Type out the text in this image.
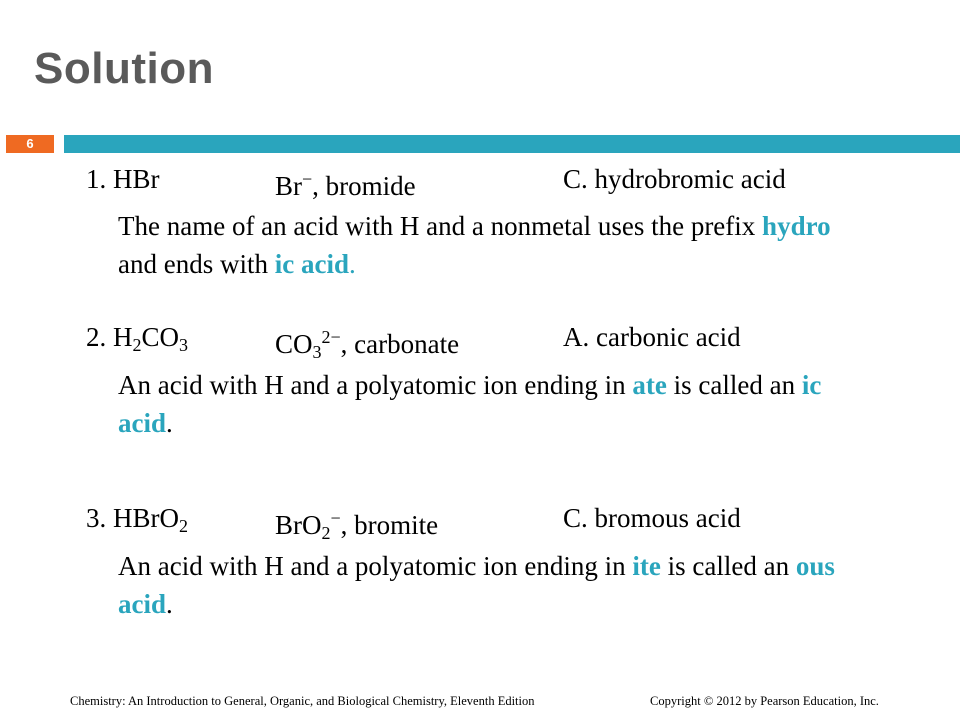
Solution
6
1. HBr	Br−, bromide	C. hydrobromic acid
The name of an acid with H and a nonmetal uses the prefix hydro and ends with ic acid.
2. $H_2CO_3$	$CO_3^{2-}$, carbonate	A. carbonic acid
An acid with H and a polyatomic ion ending in ate is called an ic acid.
3. HBrO$_2$	BrO$_2$−, bromite	C. bromous acid
An acid with H and a polyatomic ion ending in ite is called an ous acid.
Chemistry: An Introduction to General, Organic, and Biological Chemistry, Eleventh Edition	Copyright © 2012 by Pearson Education, Inc.
